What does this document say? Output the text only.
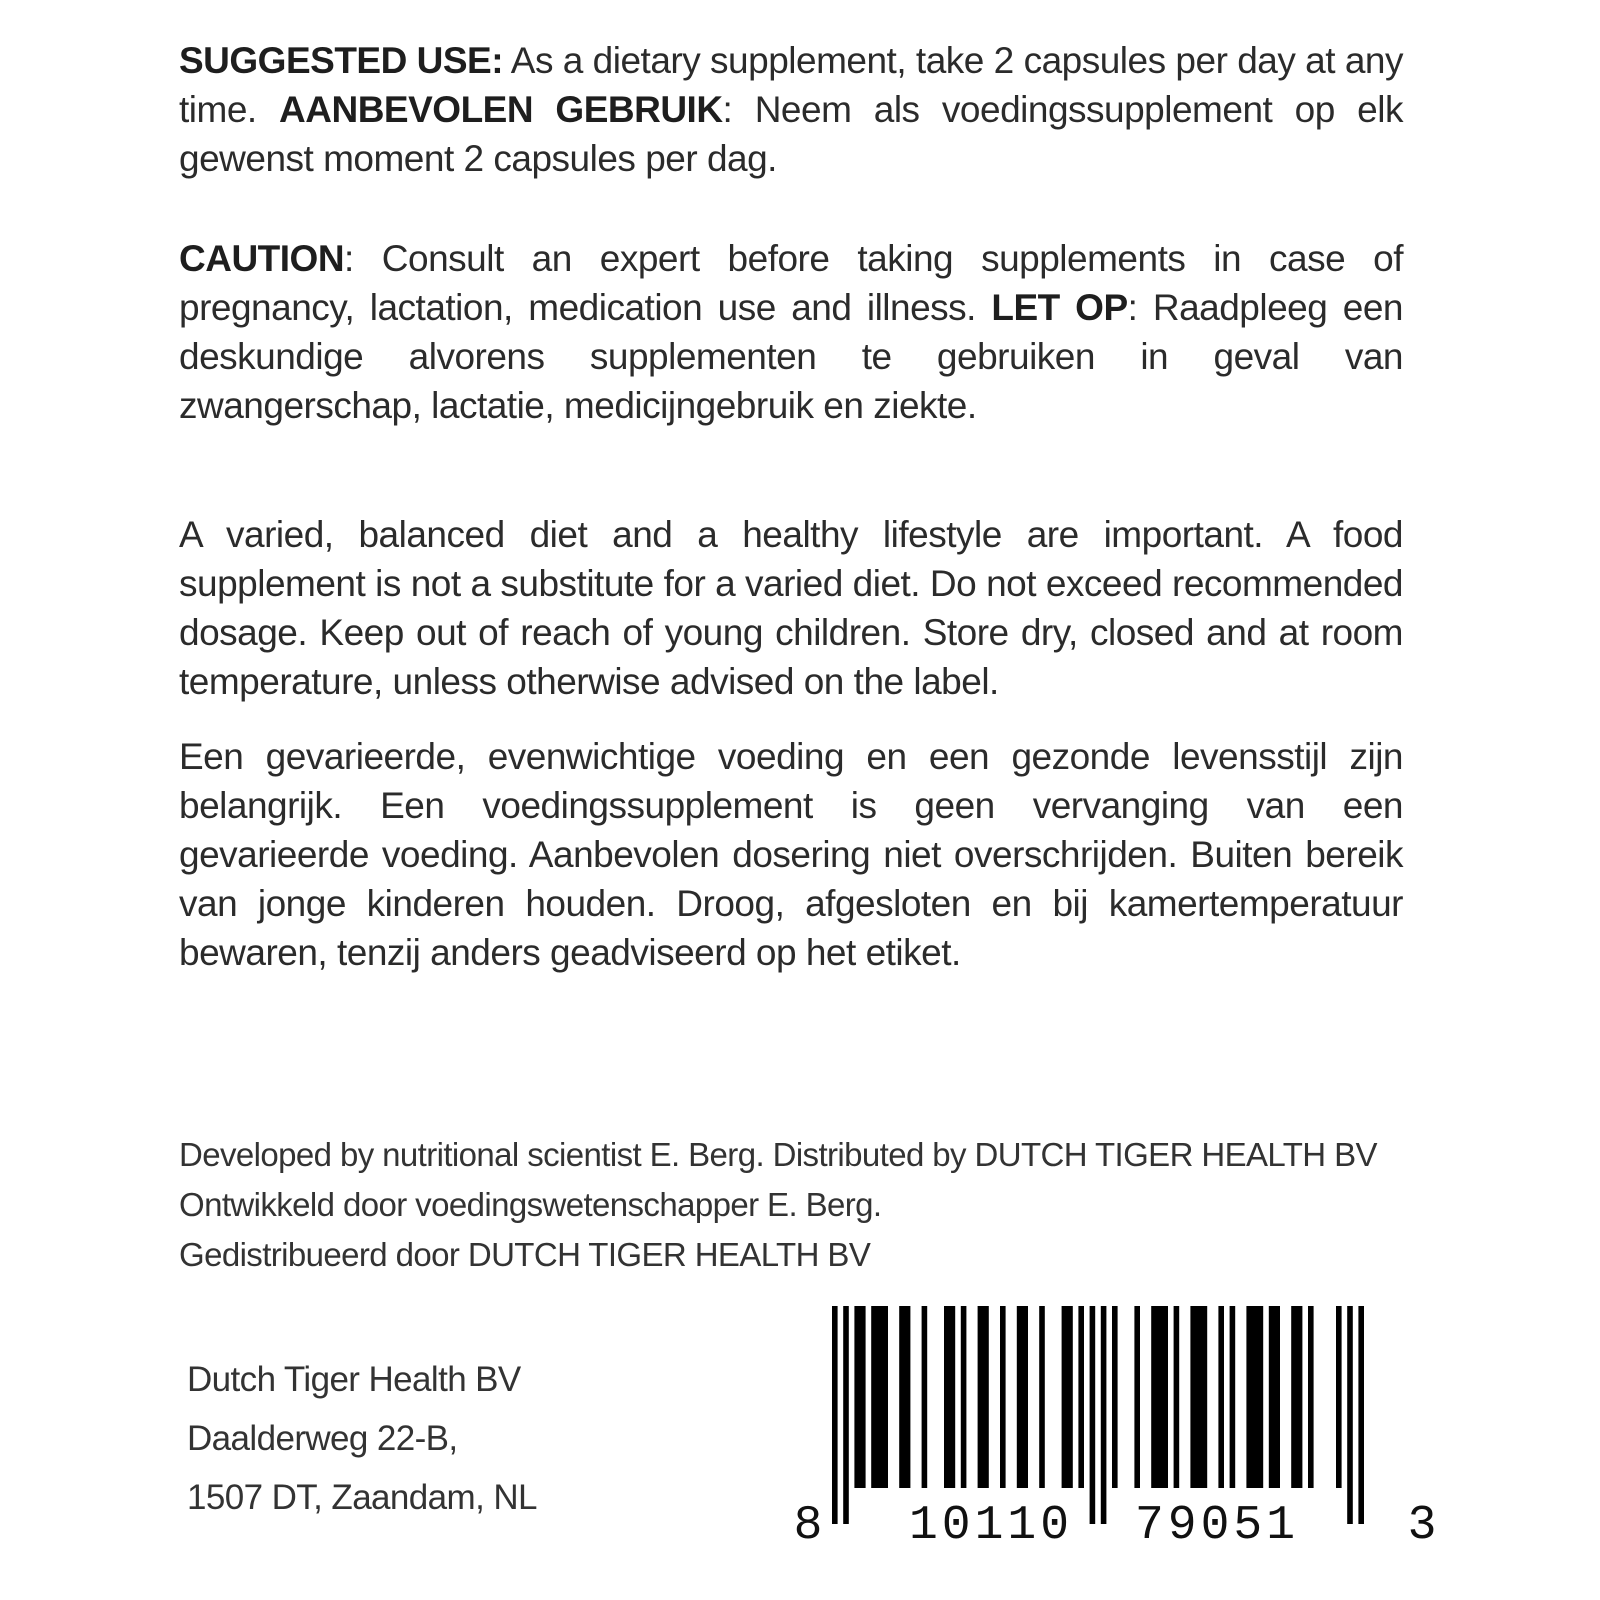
SUGGESTED USE: As a dietary supplement, take 2 capsules per day at any time. AANBEVOLEN GEBRUIK: Neem als voedingssupplement op elk gewenst moment 2 capsules per dag.

CAUTION: Consult an expert before taking supplements in case of pregnancy, lactation, medication use and illness. LET OP: Raadpleeg een deskundige alvorens supplementen te gebruiken in geval van zwangerschap, lactatie, medicijngebruik en ziekte.

A varied, balanced diet and a healthy lifestyle are important. A food supplement is not a substitute for a varied diet. Do not exceed recommended dosage. Keep out of reach of young children. Store dry, closed and at room temperature, unless otherwise advised on the label.

Een gevarieerde, evenwichtige voeding en een gezonde levensstijl zijn belangrijk. Een voedingssupplement is geen vervanging van een gevarieerde voeding. Aanbevolen dosering niet overschrijden. Buiten bereik van jonge kinderen houden. Droog, afgesloten en bij kamertemperatuur bewaren, tenzij anders geadviseerd op het etiket.

Developed by nutritional scientist E. Berg. Distributed by DUTCH TIGER HEALTH BV
Ontwikkeld door voedingswetenschapper E. Berg.
Gedistribueerd door DUTCH TIGER HEALTH BV
Dutch Tiger Health BV
Daalderweg 22-B,
1507 DT, Zaandam, NL
8 10110 79051 3
